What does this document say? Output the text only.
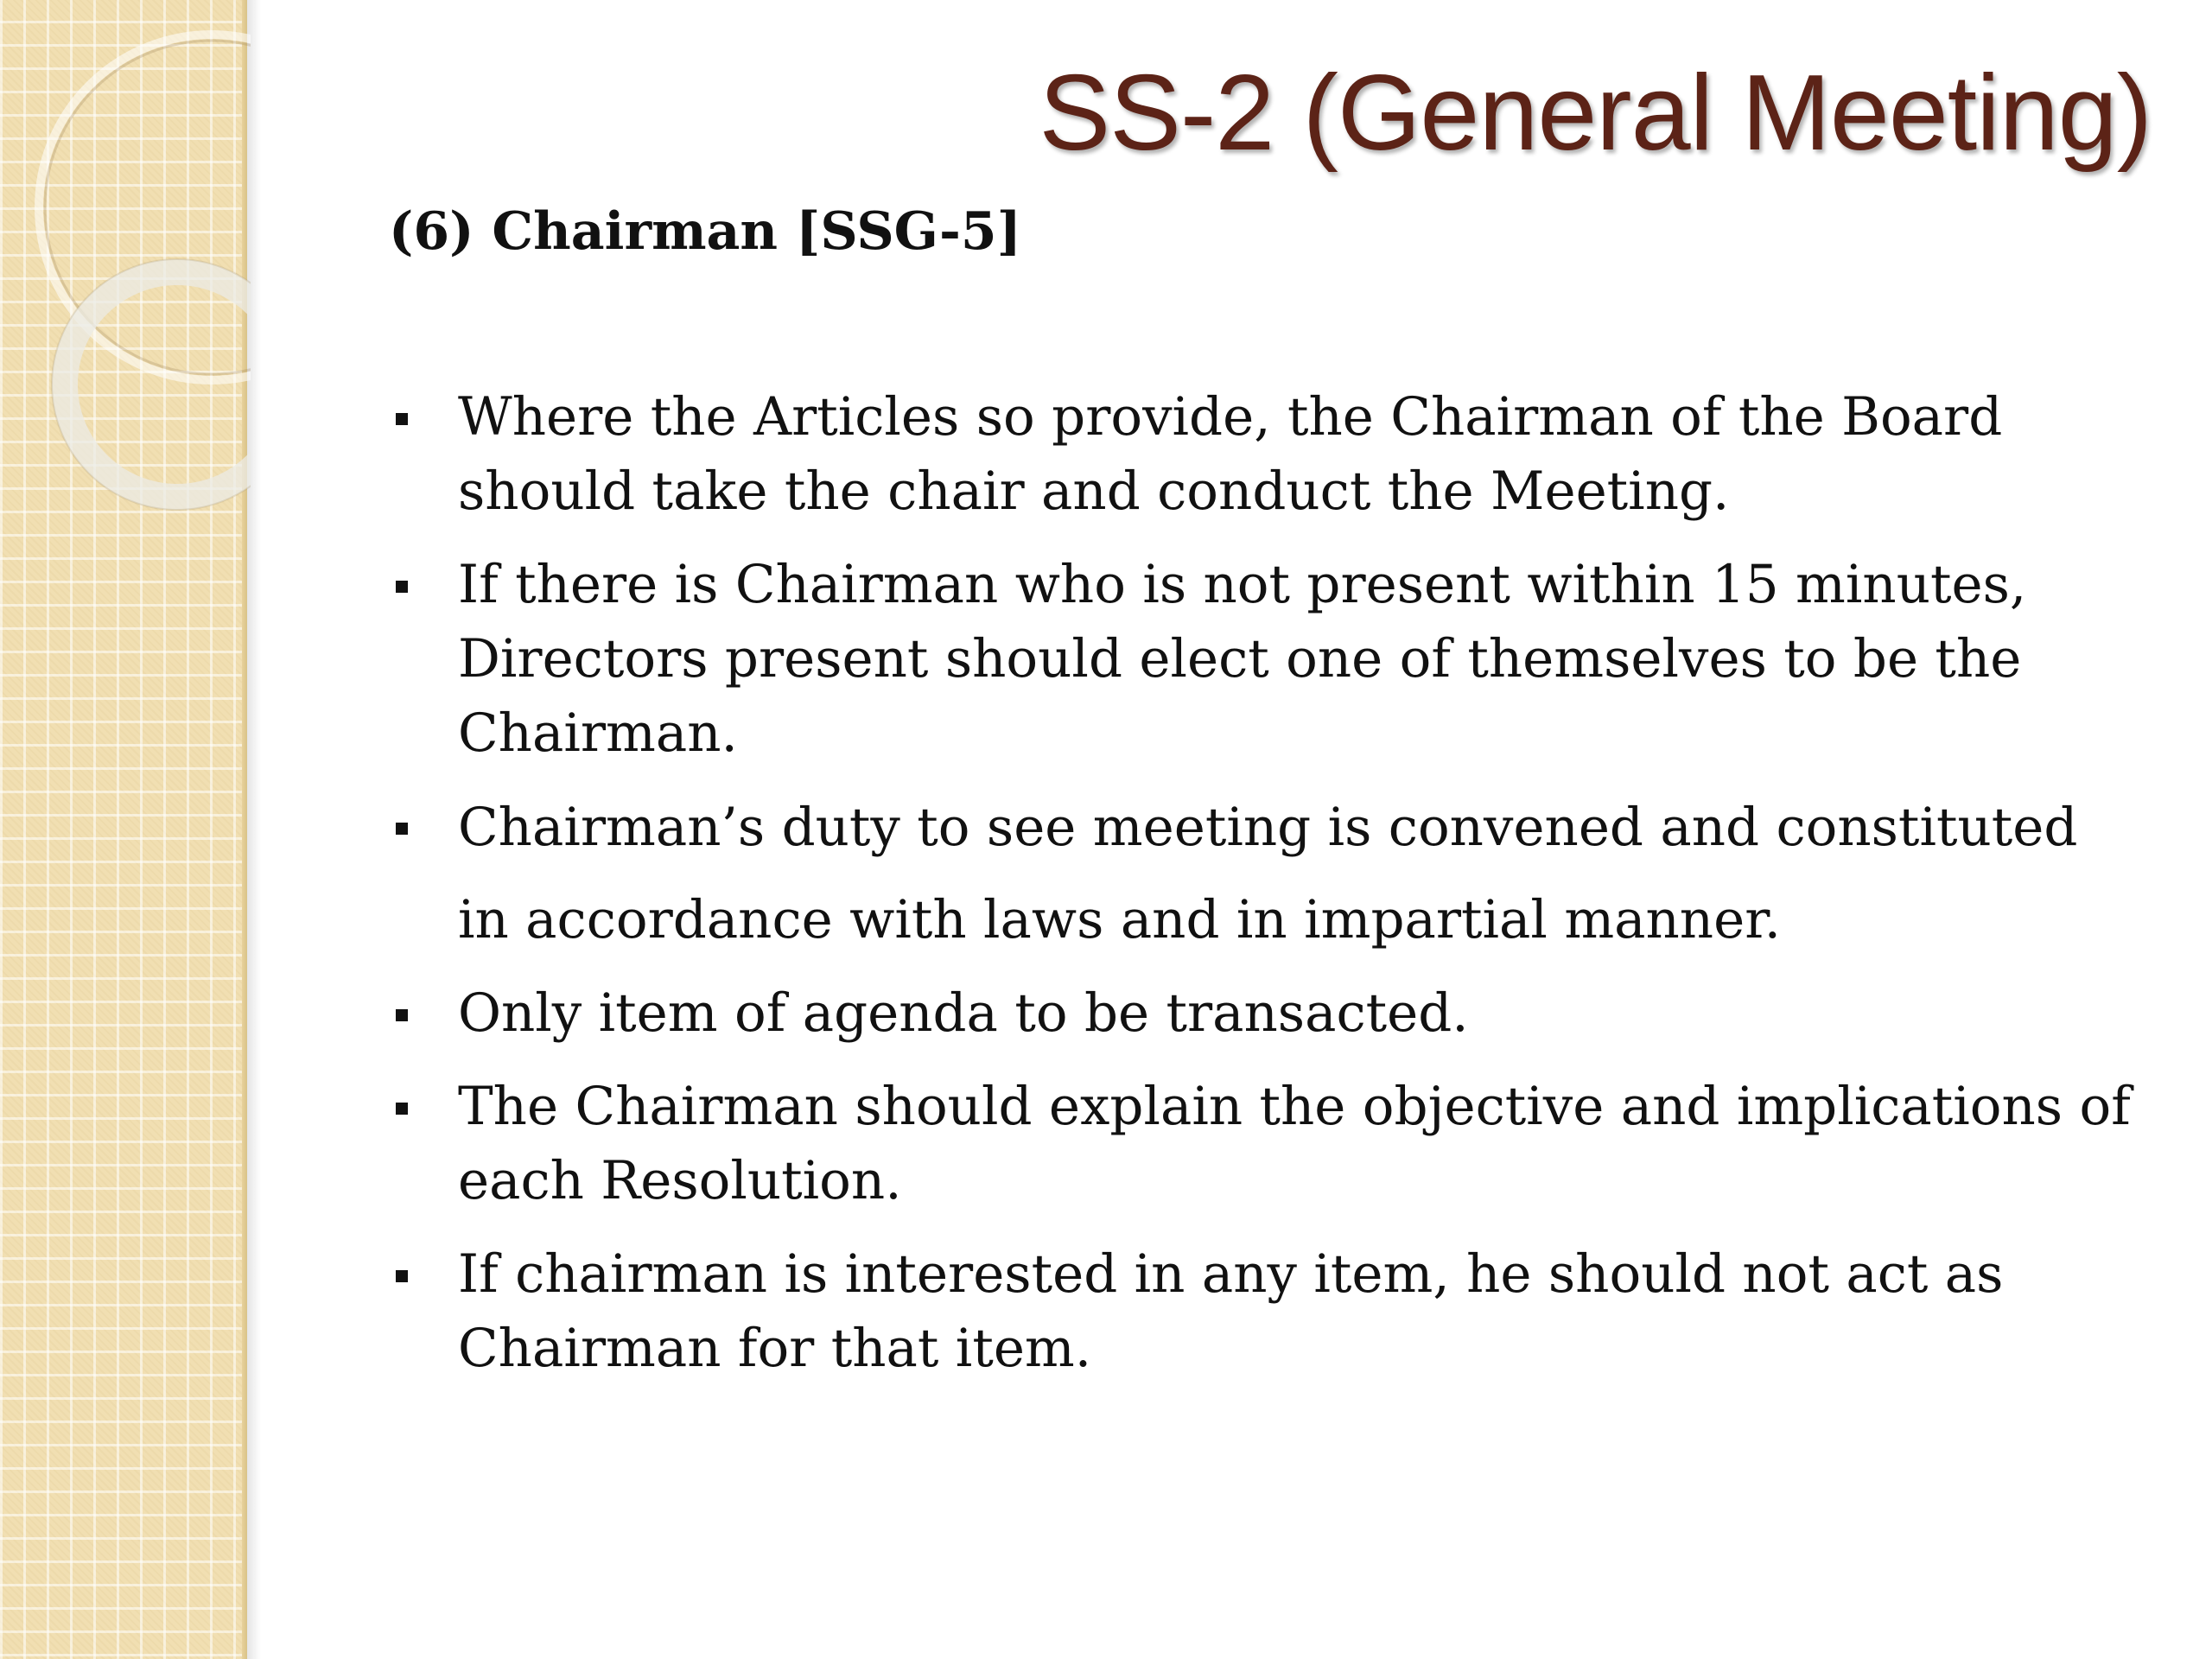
SS-2 (General Meeting)
(6) Chairman [SSG-5]
Where the Articles so provide, the Chairman of the Board should take the chair and conduct the Meeting.
If there is Chairman who is not present within 15 minutes, Directors present should elect one of themselves to be the Chairman.
Chairman’s duty to see meeting is convened and constituted in accordance with laws and in impartial manner.
Only item of agenda to be transacted.
The Chairman should explain the objective and implications of each Resolution.
If chairman is interested in any item, he should not act as Chairman for that item.
